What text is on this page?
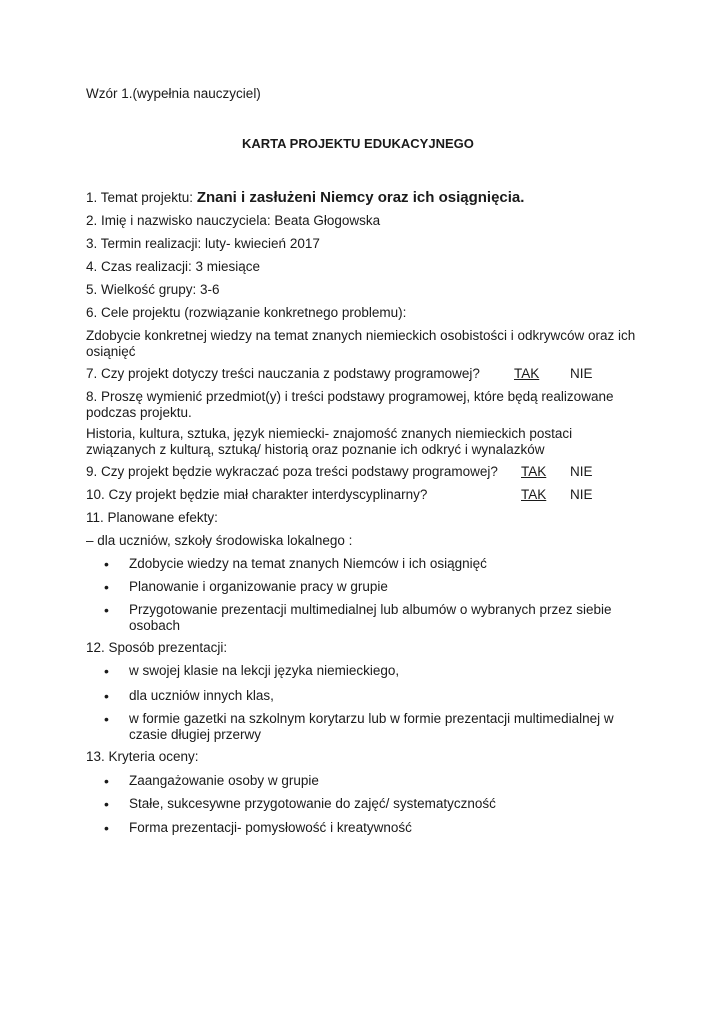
Wzór 1.(wypełnia nauczyciel)
KARTA PROJEKTU EDUKACYJNEGO
1. Temat projektu: Znani i zasłużeni Niemcy oraz ich osiągnięcia.
2. Imię i nazwisko nauczyciela: Beata Głogowska
3. Termin realizacji: luty- kwiecień 2017
4. Czas realizacji: 3 miesiące
5. Wielkość grupy: 3-6
6. Cele projektu (rozwiązanie konkretnego problemu):
Zdobycie konkretnej wiedzy na temat znanych niemieckich osobistości i odkrywców oraz ich osiąnięć
7. Czy projekt dotyczy treści nauczania z podstawy programowej?	TAK NIE
8. Proszę wymienić przedmiot(y) i treści podstawy programowej, które będą realizowane podczas projektu.
Historia, kultura, sztuka, język niemiecki- znajomość znanych niemieckich postaci związanych z kulturą, sztuką/ historią oraz poznanie ich odkryć i wynalazków
9. Czy projekt będzie wykraczać poza treści podstawy programowej? TAK NIE
10. Czy projekt będzie miał charakter interdyscyplinarny?	TAK NIE
11. Planowane efekty:
– dla uczniów, szkoły środowiska lokalnego :
• Zdobycie wiedzy na temat znanych Niemców i ich osiągnięć
• Planowanie i organizowanie pracy w grupie
• Przygotowanie prezentacji multimedialnej lub albumów o wybranych przez siebie osobach
12. Sposób prezentacji:
• w swojej klasie na lekcji języka niemieckiego,
• dla uczniów innych klas,
• w formie gazetki na szkolnym korytarzu lub w formie prezentacji multimedialnej w czasie długiej przerwy
13. Kryteria oceny:
• Zaangażowanie osoby w grupie
• Stałe, sukcesywne przygotowanie do zajęć/ systematyczność
• Forma prezentacji- pomysłowość i kreatywność
